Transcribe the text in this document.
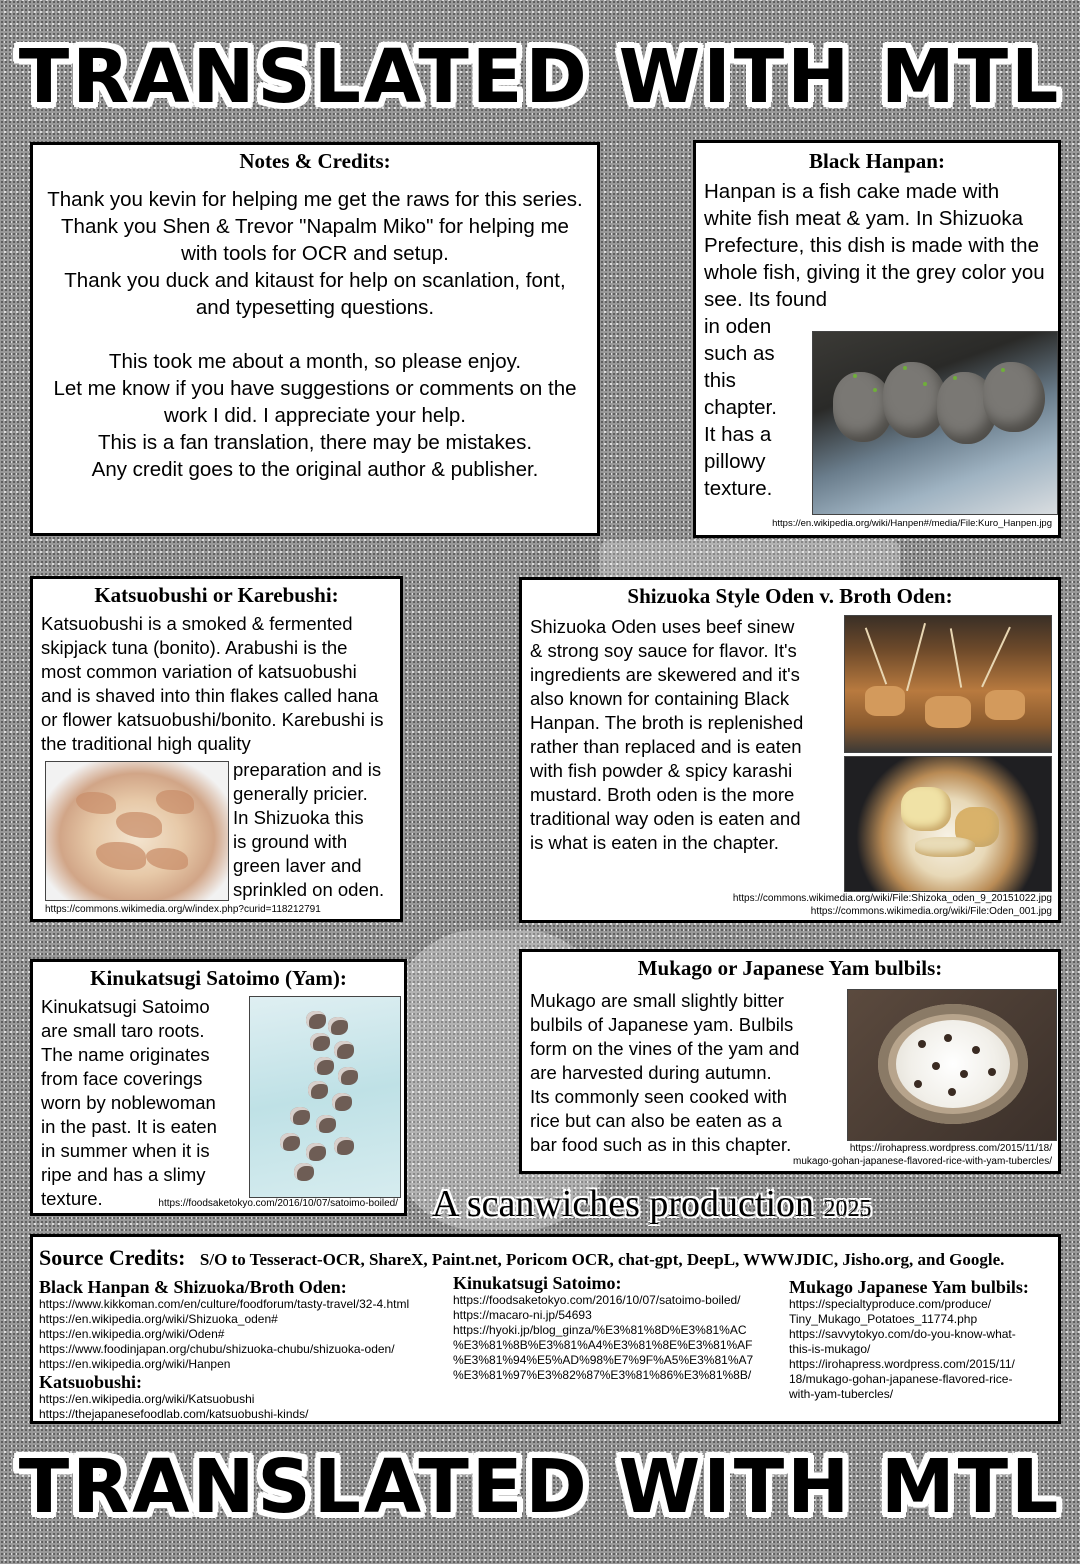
TRANSLATED WITH MTL
Notes & Credits:

Thank you kevin for helping me get the raws for this series.

Thank you Shen & Trevor "Napalm Miko" for helping me with tools for OCR and setup.

Thank you duck and kitaust for help on scanlation, font, and typesetting questions.

This took me about a month, so please enjoy.

Let me know if you have suggestions or comments on the work I did. I appreciate your help.

This is a fan translation, there may be mistakes.

Any credit goes to the original author & publisher.

Black Hanpan:

Hanpan is a fish cake made with white fish meat & yam. In Shizuoka Prefecture, this dish is made with the whole fish, giving it the grey color you see. Its found

in oden
such as
this
chapter.
It has a
pillowy
texture.
https://en.wikipedia.org/wiki/Hanpen#/media/File:Kuro_Hanpen.jpg
Katsuobushi or Karebushi:

Katsuobushi is a smoked & fermented skipjack tuna (bonito). Arabushi is the most common variation of katsuobushi and is shaved into thin flakes called hana or flower katsuobushi/bonito. Karebushi is the traditional high quality

preparation and is
generally pricier.
In Shizuoka this
is ground with
green laver and
sprinkled on oden.
https://commons.wikimedia.org/w/index.php?curid=118212791
Shizuoka Style Oden v. Broth Oden:
Shizuoka Oden uses beef sinew
& strong soy sauce for flavor. It's
ingredients are skewered and it's
also known for containing Black
Hanpan. The broth is replenished
rather than replaced and is eaten
with fish powder & spicy karashi
mustard. Broth oden is the more
traditional way oden is eaten and
is what is eaten in the chapter.
https://commons.wikimedia.org/wiki/File:Shizoka_oden_9_20151022.jpg
https://commons.wikimedia.org/wiki/File:Oden_001.jpg
Kinukatsugi Satoimo (Yam):
Kinukatsugi Satoimo
are small taro roots.
The name originates
from face coverings
worn by noblewoman
in the past. It is eaten
in summer when it is
ripe and has a slimy
texture.	https://foodsaketokyo.com/2016/10/07/satoimo-boiled/
Mukago or Japanese Yam bulbils:
Mukago are small slightly bitter
bulbils of Japanese yam. Bulbils
form on the vines of the yam and
are harvested during autumn.
Its commonly seen cooked with
rice but can also be eaten as a
bar food such as in this chapter.	https://irohapress.wordpress.com/2015/11/18/
mukago-gohan-japanese-flavored-rice-with-yam-tubercles/
A scanwiches production 2025
Source Credits: S/O to Tesseract-OCR, ShareX, Paint.net, Poricom OCR, chat-gpt, DeepL, WWWJDIC, Jisho.org, and Google.
Black Hanpan & Shizuoka/Broth Oden:

https://www.kikkoman.com/en/culture/foodforum/tasty-travel/32-4.html

https://en.wikipedia.org/wiki/Shizuoka_oden#

https://en.wikipedia.org/wiki/Oden#

https://www.foodinjapan.org/chubu/shizuoka-chubu/shizuoka-oden/

https://en.wikipedia.org/wiki/Hanpen

Katsuobushi:

https://en.wikipedia.org/wiki/Katsuobushi

https://thejapanesefoodlab.com/katsuobushi-kinds/

Kinukatsugi Satoimo:

https://foodsaketokyo.com/2016/10/07/satoimo-boiled/

https://macaro-ni.jp/54693

https://hyoki.jp/blog_ginza/%E3%81%8D%E3%81%AC

%E3%81%8B%E3%81%A4%E3%81%8E%E3%81%AF

%E3%81%94%E5%AD%98%E7%9F%A5%E3%81%A7

%E3%81%97%E3%82%87%E3%81%86%E3%81%8B/

Mukago Japanese Yam bulbils:

https://specialtyproduce.com/produce/

Tiny_Mukago_Potatoes_11774.php

https://savvytokyo.com/do-you-know-what-

this-is-mukago/

https://irohapress.wordpress.com/2015/11/

18/mukago-gohan-japanese-flavored-rice-

with-yam-tubercles/

TRANSLATED WITH MTL
